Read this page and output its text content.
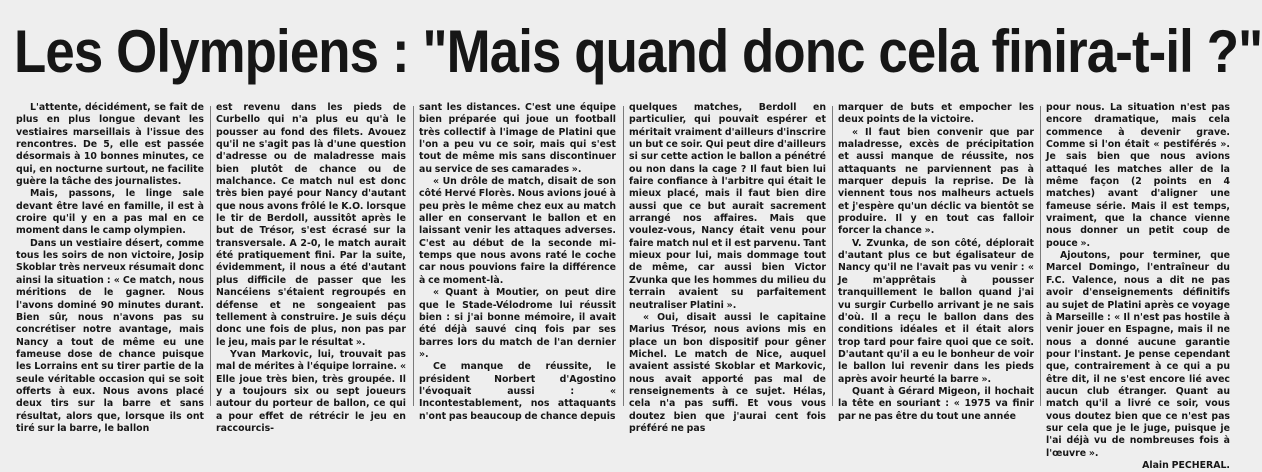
Les Olympiens : "Mais quand donc cela finira-t-il ?"

L'attente, décidément, se fait de plus en plus longue devant les vestiaires marseillais à l'issue des rencontres. De 5, elle est passée désormais à 10 bonnes minutes, ce qui, en nocturne surtout, ne facilite guère la tâche des journalistes.

Mais, passons, le linge sale devant être lavé en famille, il est à croire qu'il y en a pas mal en ce moment dans le camp olympien.

Dans un vestiaire désert, comme tous les soirs de non victoire, Josip Skoblar très nerveux résumait donc ainsi la situation : « Ce match, nous méritions de le gagner. Nous l'avons dominé 90 minutes durant. Bien sûr, nous n'avons pas su concrétiser notre avantage, mais Nancy a tout de même eu une fameuse dose de chance puisque les Lorrains ent su tirer partie de la seule véritable occasion qui se soit offerts à eux. Nous avons placé deux tirs sur la barre et sans résultat, alors que, lorsque ils ont tiré sur la barre, le ballon

est revenu dans les pieds de Curbello qui n'a plus eu qu'à le pousser au fond des filets. Avouez qu'il ne s'agit pas là d'une question d'adresse ou de maladresse mais bien plutôt de chance ou de malchance. Ce match nul est donc très bien payé pour Nancy d'autant que nous avons frôlé le K.O. lorsque le tir de Berdoll, aussitôt après le but de Trésor, s'est écrasé sur la transversale. A 2-0, le match aurait été pratiquement fini. Par la suite, évidemment, il nous a été d'autant plus difficile de passer que les Nancéiens s'étaient regroupés en défense et ne songeaient pas tellement à construire. Je suis déçu donc une fois de plus, non pas par le jeu, mais par le résultat ».

Yvan Markovic, lui, trouvait pas mal de mérites à l'équipe lorraine. « Elle joue très bien, très groupée. Il y a toujours six ou sept joueurs autour du porteur de ballon, ce qui a pour effet de rétrécir le jeu en raccourcis-

sant les distances. C'est une équipe bien préparée qui joue un football très collectif à l'image de Platini que l'on a peu vu ce soir, mais qui s'est tout de même mis sans discontinuer au service de ses camarades ».

« Un drôle de match, disait de son côté Hervé Florès. Nous avions joué à peu près le même chez eux au match aller en conservant le ballon et en laissant venir les attaques adverses. C'est au début de la seconde mi-temps que nous avons raté le coche car nous pouvions faire la différence à ce moment-là.

« Quant à Moutier, on peut dire que le Stade-Vélodrome lui réussit bien : si j'ai bonne mémoire, il avait été déjà sauvé cinq fois par ses barres lors du match de l'an dernier ».

Ce manque de réussite, le président Norbert d'Agostino l'évoquait aussi : « Incontestablement, nos attaquants n'ont pas beaucoup de chance depuis

quelques matches, Berdoll en particulier, qui pouvait espérer et méritait vraiment d'ailleurs d'inscrire un but ce soir. Qui peut dire d'ailleurs si sur cette action le ballon a pénétré ou non dans la cage ? Il faut bien lui faire confiance à l'arbitre qui était le mieux placé, mais il faut bien dire aussi que ce but aurait sacrement arrangé nos affaires. Mais que voulez-vous, Nancy était venu pour faire match nul et il est parvenu. Tant mieux pour lui, mais dommage tout de même, car aussi bien Victor Zvunka que les hommes du milieu du terrain avaient su parfaitement neutraliser Platini ».

« Oui, disait aussi le capitaine Marius Trésor, nous avions mis en place un bon dispositif pour gêner Michel. Le match de Nice, auquel avaient assisté Skoblar et Markovic, nous avait apporté pas mal de renseignements à ce sujet. Hélas, cela n'a pas suffi. Et vous vous doutez bien que j'aurai cent fois préféré ne pas

marquer de buts et empocher les deux points de la victoire.

« Il faut bien convenir que par maladresse, excès de précipitation et aussi manque de réussite, nos attaquants ne parviennent pas à marquer depuis la reprise. De là viennent tous nos malheurs actuels et j'espère qu'un déclic va bientôt se produire. Il y en tout cas falloir forcer la chance ».

V. Zvunka, de son côté, déplorait d'autant plus ce but égalisateur de Nancy qu'il ne l'avait pas vu venir : « Je m'apprêtais à pousser tranquillement le ballon quand j'ai vu surgir Curbello arrivant je ne sais d'où. Il a reçu le ballon dans des conditions idéales et il était alors trop tard pour faire quoi que ce soit. D'autant qu'il a eu le bonheur de voir le ballon lui revenir dans les pieds après avoir heurté la barre ».

Quant à Gérard Migeon, il hochait la tête en souriant : « 1975 va finir par ne pas être du tout une année

pour nous. La situation n'est pas encore dramatique, mais cela commence à devenir grave. Comme si l'on était « pestiférés ». Je sais bien que nous avions attaqué les matches aller de la même façon (2 points en 4 matches) avant d'aligner une fameuse série. Mais il est temps, vraiment, que la chance vienne nous donner un petit coup de pouce ».

Ajoutons, pour terminer, que Marcel Domingo, l'entraîneur du F.C. Valence, nous a dit ne pas avoir d'enseignements définitifs au sujet de Platini après ce voyage à Marseille : « Il n'est pas hostile à venir jouer en Espagne, mais il ne nous a donné aucune garantie pour l'instant. Je pense cependant que, contrairement à ce qui a pu être dit, il ne s'est encore lié avec aucun club étranger. Quant au match qu'il a livré ce soir, vous vous doutez bien que ce n'est pas sur cela que je le juge, puisque je l'ai déjà vu de nombreuses fois à l'œuvre ».

Alain PECHERAL.
